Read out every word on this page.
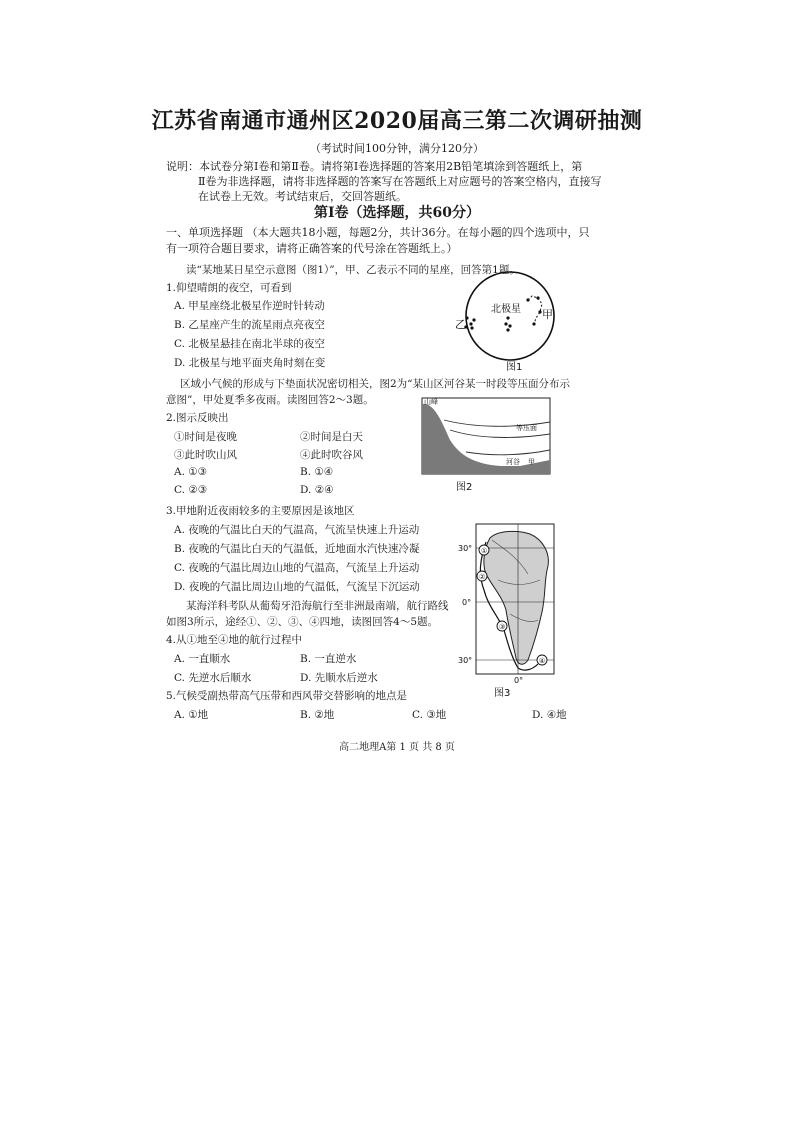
江苏省南通市通州区2020届高三第二次调研抽测
（考试时间100分钟，满分120分）
说明：本试卷分第Ⅰ卷和第Ⅱ卷。请将第Ⅰ卷选择题的答案用2B铅笔填涂到答题纸上，第
Ⅱ卷为非选择题，请将非选择题的答案写在答题纸上对应题号的答案空格内，直接写
在试卷上无效。考试结束后，交回答题纸。
第Ⅰ卷（选择题，共60分）
一、单项选择题 （本大题共18小题，每题2分，共计36分。在每小题的四个选项中，只
有一项符合题目要求，请将正确答案的代号涂在答题纸上。）
读“某地某日星空示意图（图1）”，甲、乙表示不同的星座，回答第1题。
1.仰望晴朗的夜空，可看到
A. 甲星座绕北极星作逆时针转动
B. 乙星座产生的流星雨点亮夜空
C. 北极星悬挂在南北半球的夜空
D. 北极星与地平面夹角时刻在变
北极星 甲
乙
图1
区域小气候的形成与下垫面状况密切相关，图2为“某山区河谷某一时段等压面分布示
意图”，甲处夏季多夜雨。读图回答2～3题。
2.图示反映出
①时间是夜晚	②时间是白天
③此时吹山风	④此时吹谷风
A. ①③	B. ①④
C. ②③	D. ②④
山峰
等压面
河谷 甲
图2
3.甲地附近夜雨较多的主要原因是该地区
A. 夜晚的气温比白天的气温高，气流呈快速上升运动
B. 夜晚的气温比白天的气温低，近地面水汽快速冷凝
C. 夜晚的气温比周边山地的气温高，气流呈上升运动
D. 夜晚的气温比周边山地的气温低，气流呈下沉运动
某海洋科考队从葡萄牙沿海航行至非洲最南端，航行路线
如图3所示，途经①、②、③、④四地，读图回答4～5题。
①
②
③
④
30°
0°
30°
0°
图3
4.从①地至④地的航行过程中
A. 一直顺水	B. 一直逆水
C. 先逆水后顺水	D. 先顺水后逆水
5.气候受副热带高气压带和西风带交替影响的地点是
A. ①地	B. ②地	C. ③地	D. ④地
高二地理A第 1 页 共 8 页
